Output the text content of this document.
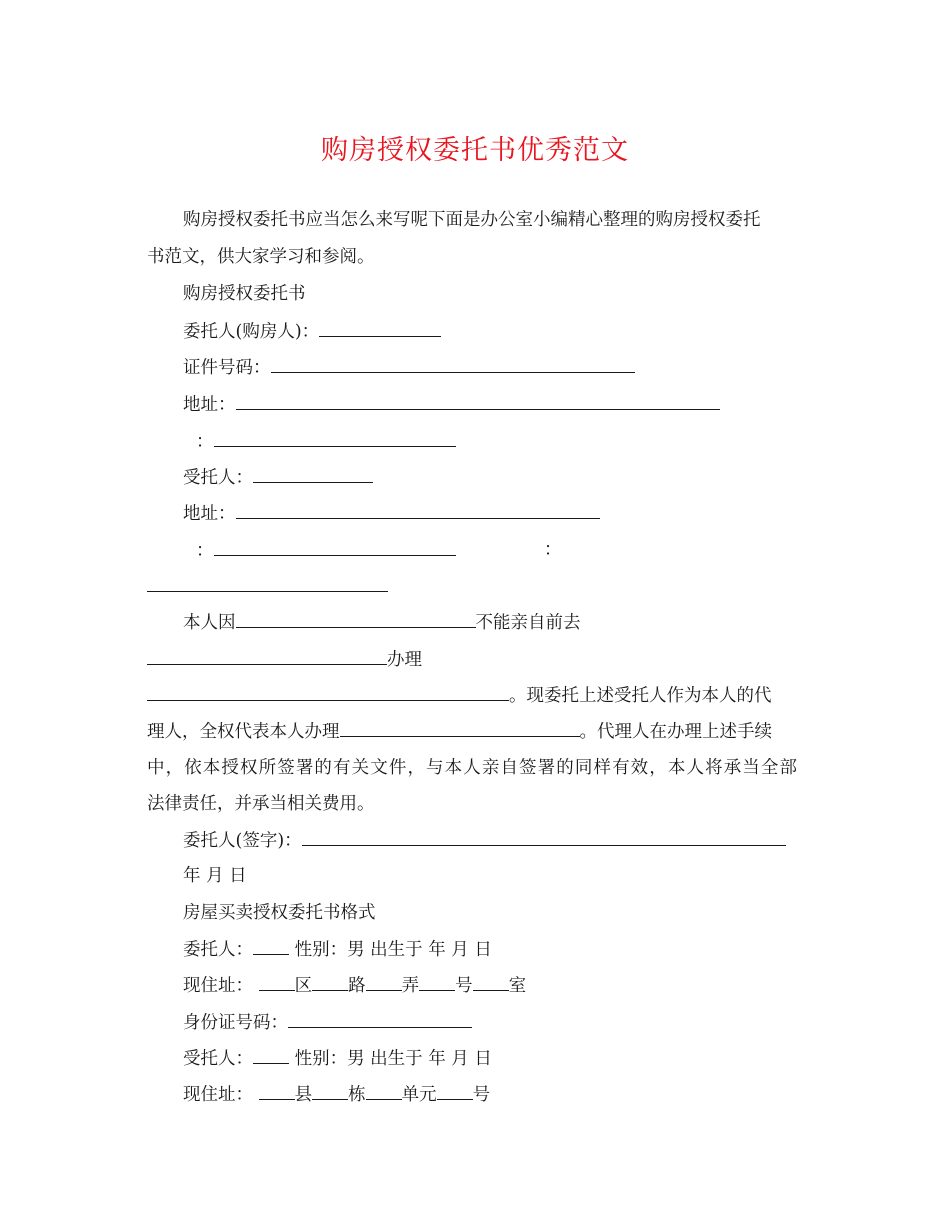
购房授权委托书优秀范文
购房授权委托书应当怎么来写呢下面是办公室小编精心整理的购房授权委托
书范文，供大家学习和参阅。
购房授权委托书
委托人(购房人)：
证件号码：
地址：
：
受托人：
地址：
：	：
本人因	不能亲自前去
办理
。现委托上述受托人作为本人的代
理人，全权代表本人办理	。代理人在办理上述手续
中，依本授权所签署的有关文件，与本人亲自签署的同样有效，本人将承当全部
法律责任，并承当相关费用。
委托人(签字)：
年 月 日
房屋买卖授权委托书格式
委托人： 性别：男 出生于 年 月 日
现住址： 区 路 弄 号 室
身份证号码：
受托人： 性别：男 出生于 年 月 日
现住址： 县 栋 单元 号
